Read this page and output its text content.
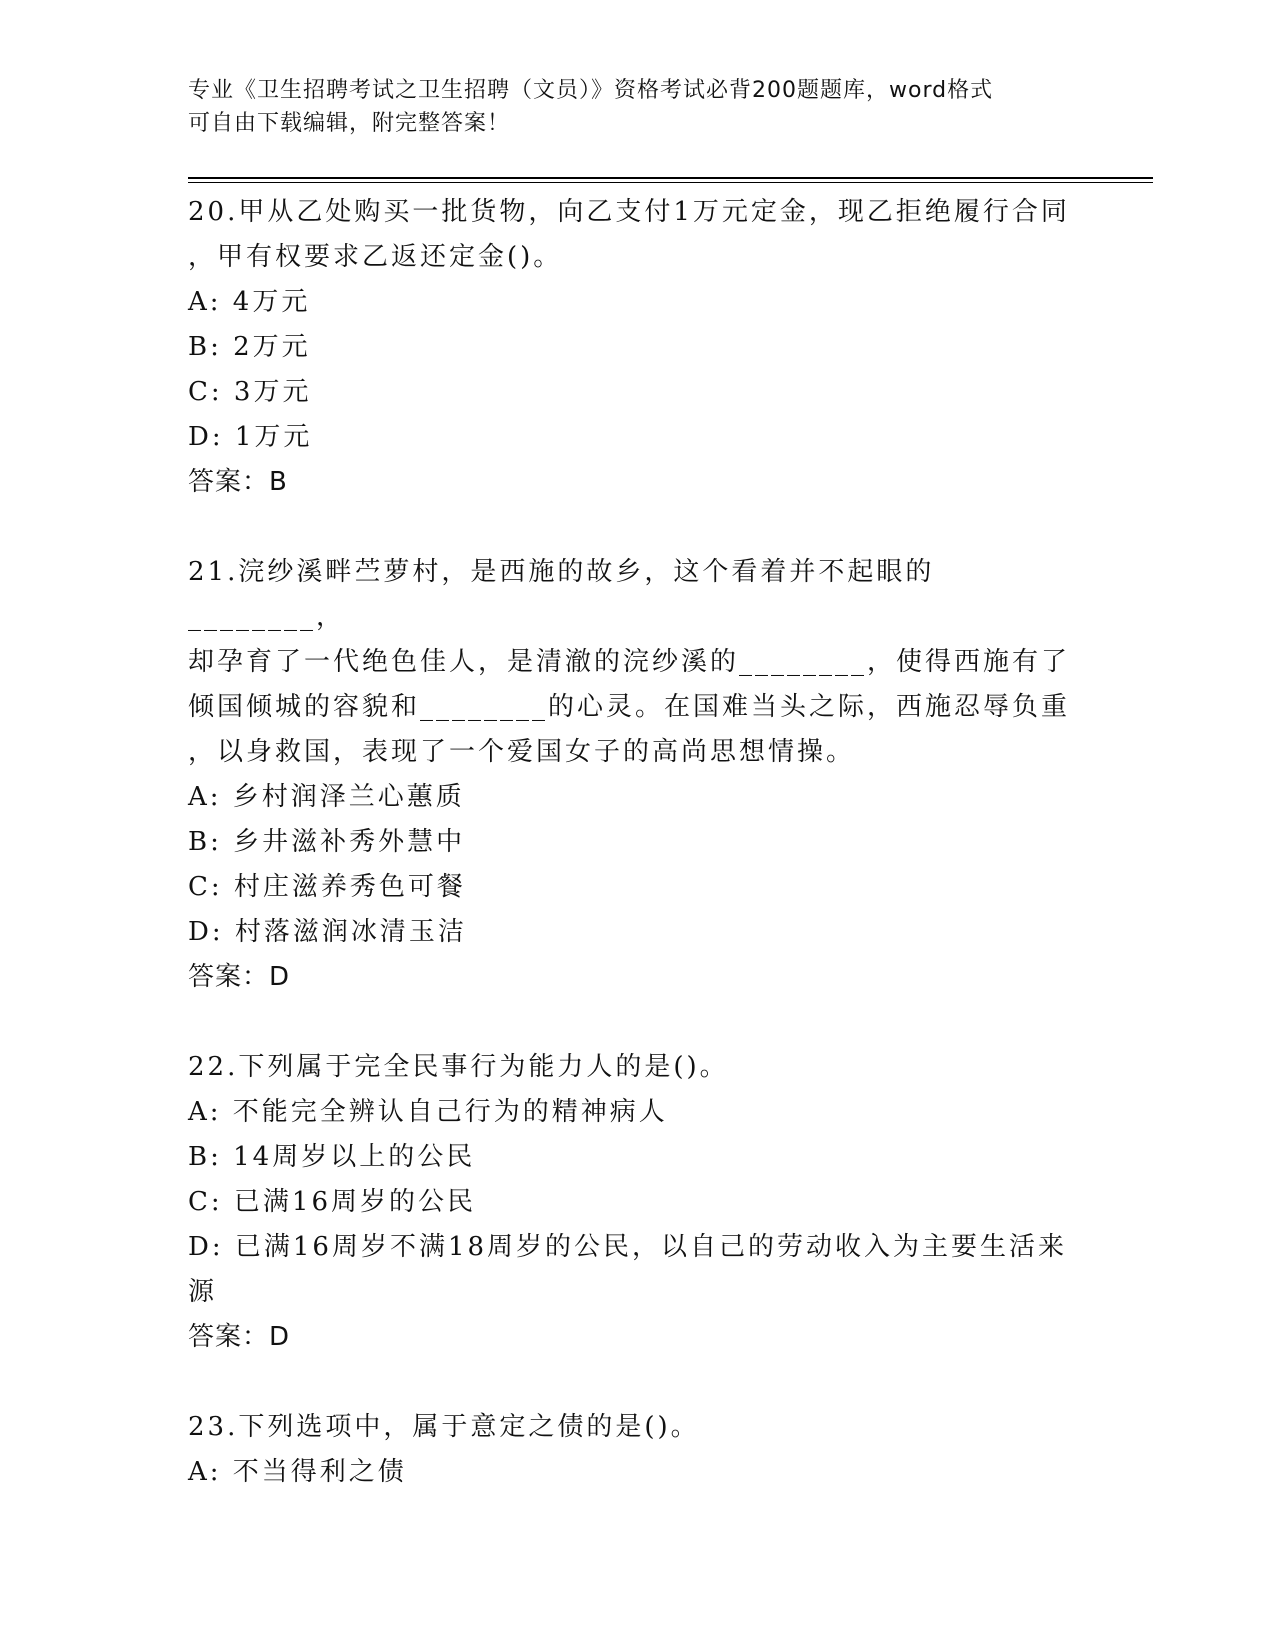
专业《卫生招聘考试之卫生招聘（文员）》资格考试必背200题题库，word格式
可自由下载编辑，附完整答案！
20.甲从乙处购买一批货物，向乙支付1万元定金，现乙拒绝履行合同
，甲有权要求乙返还定金()。
A: 4万元
B: 2万元
C: 3万元
D: 1万元
答案：B
21.浣纱溪畔苎萝村，是西施的故乡，这个看着并不起眼的________，
却孕育了一代绝色佳人，是清澈的浣纱溪的________，使得西施有了
倾国倾城的容貌和________的心灵。在国难当头之际，西施忍辱负重
，以身救国，表现了一个爱国女子的高尚思想情操。
A: 乡村润泽兰心蕙质
B: 乡井滋补秀外慧中
C: 村庄滋养秀色可餐
D: 村落滋润冰清玉洁
答案：D
22.下列属于完全民事行为能力人的是()。
A: 不能完全辨认自己行为的精神病人
B: 14周岁以上的公民
C: 已满16周岁的公民
D: 已满16周岁不满18周岁的公民，以自己的劳动收入为主要生活来
源
答案：D
23.下列选项中，属于意定之债的是()。
A: 不当得利之债
